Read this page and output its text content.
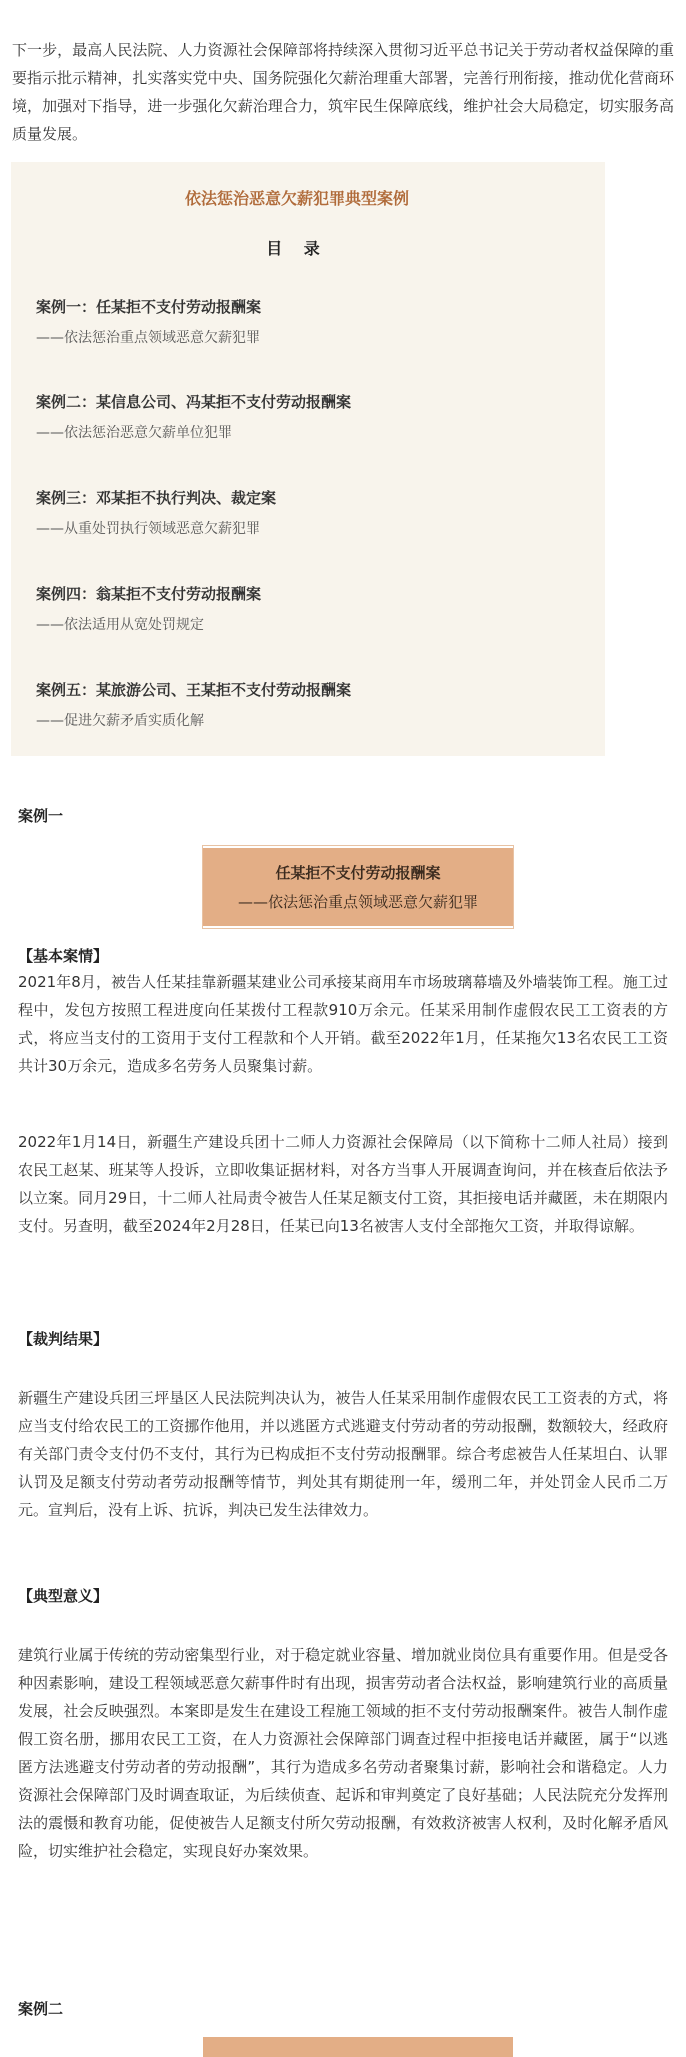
下一步，最高人民法院、人力资源社会保障部将持续深入贯彻习近平总书记关于劳动者权益保障的重要指示批示精神，扎实落实党中央、国务院强化欠薪治理重大部署，完善行刑衔接，推动优化营商环境，加强对下指导，进一步强化欠薪治理合力，筑牢民生保障底线，维护社会大局稳定，切实服务高质量发展。

依法惩治恶意欠薪犯罪典型案例
目 录
案例一：任某拒不支付劳动报酬案
——依法惩治重点领域恶意欠薪犯罪
案例二：某信息公司、冯某拒不支付劳动报酬案
——依法惩治恶意欠薪单位犯罪
案例三：邓某拒不执行判决、裁定案
——从重处罚执行领域恶意欠薪犯罪
案例四：翁某拒不支付劳动报酬案
——依法适用从宽处罚规定
案例五：某旅游公司、王某拒不支付劳动报酬案
——促进欠薪矛盾实质化解
案例一
任某拒不支付劳动报酬案
——依法惩治重点领域恶意欠薪犯罪
【基本案情】

2021年8月，被告人任某挂靠新疆某建业公司承接某商用车市场玻璃幕墙及外墙装饰工程。施工过程中，发包方按照工程进度向任某拨付工程款910万余元。任某采用制作虚假农民工工资表的方式，将应当支付的工资用于支付工程款和个人开销。截至2022年1月，任某拖欠13名农民工工资共计30万余元，造成多名劳务人员聚集讨薪。

2022年1月14日，新疆生产建设兵团十二师人力资源社会保障局（以下简称十二师人社局）接到农民工赵某、班某等人投诉，立即收集证据材料，对各方当事人开展调查询问，并在核查后依法予以立案。同月29日，十二师人社局责令被告人任某足额支付工资，其拒接电话并藏匿，未在期限内支付。另查明，截至2024年2月28日，任某已向13名被害人支付全部拖欠工资，并取得谅解。

【裁判结果】

新疆生产建设兵团三坪垦区人民法院判决认为，被告人任某采用制作虚假农民工工资表的方式，将应当支付给农民工的工资挪作他用，并以逃匿方式逃避支付劳动者的劳动报酬，数额较大，经政府有关部门责令支付仍不支付，其行为已构成拒不支付劳动报酬罪。综合考虑被告人任某坦白、认罪认罚及足额支付劳动者劳动报酬等情节，判处其有期徒刑一年，缓刑二年，并处罚金人民币二万元。宣判后，没有上诉、抗诉，判决已发生法律效力。

【典型意义】

建筑行业属于传统的劳动密集型行业，对于稳定就业容量、增加就业岗位具有重要作用。但是受各种因素影响，建设工程领域恶意欠薪事件时有出现，损害劳动者合法权益，影响建筑行业的高质量发展，社会反映强烈。本案即是发生在建设工程施工领域的拒不支付劳动报酬案件。被告人制作虚假工资名册，挪用农民工工资，在人力资源社会保障部门调查过程中拒接电话并藏匿，属于“以逃匿方法逃避支付劳动者的劳动报酬”，其行为造成多名劳动者聚集讨薪，影响社会和谐稳定。人力资源社会保障部门及时调查取证，为后续侦查、起诉和审判奠定了良好基础；人民法院充分发挥刑法的震慑和教育功能，促使被告人足额支付所欠劳动报酬，有效救济被害人权利，及时化解矛盾风险，切实维护社会稳定，实现良好办案效果。

案例二
